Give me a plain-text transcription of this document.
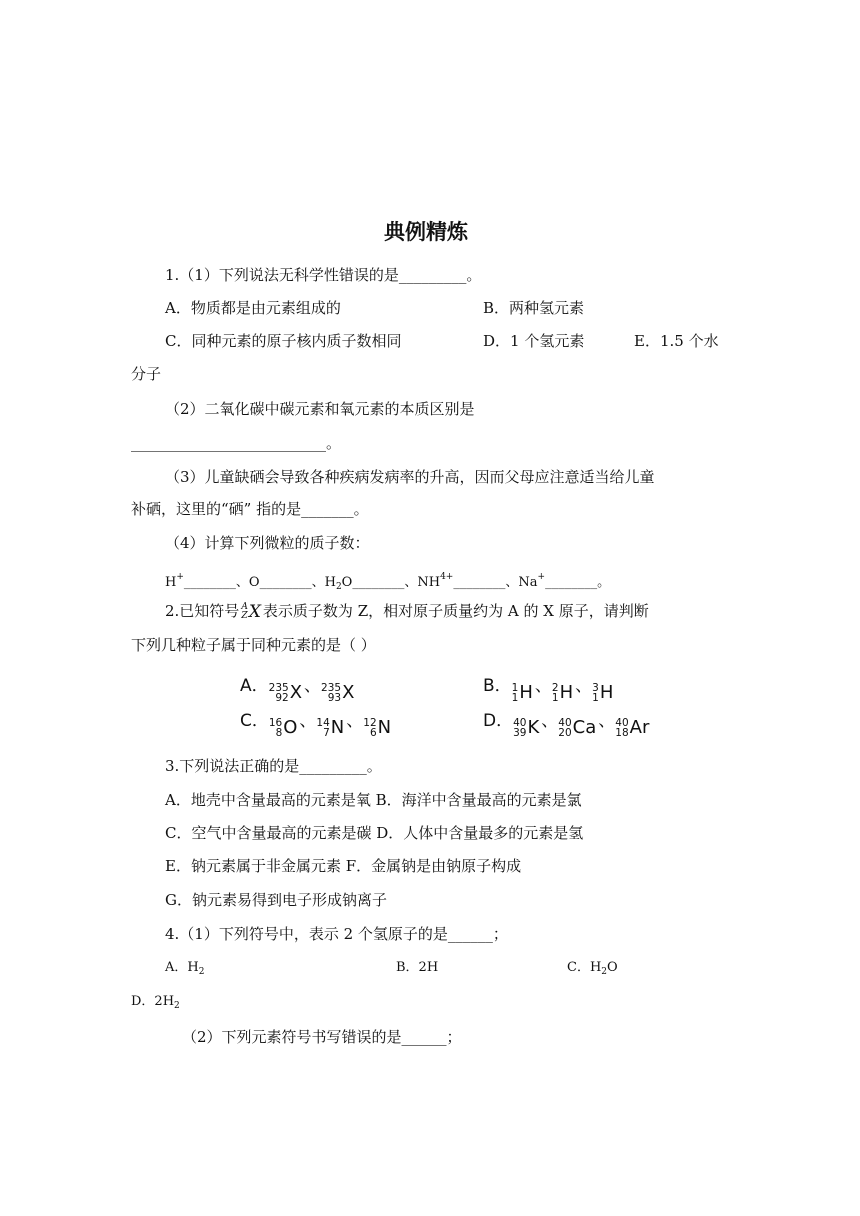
典例精炼
1.（1）下列说法无科学性错误的是_________。
A．物质都是由元素组成的	B．两种氢元素
C．同种元素的原子核内质子数相同	D．1 个氢元素	E．1.5 个水
分子
（2）二氧化碳中碳元素和氧元素的本质区别是
__________________________。
（3）儿童缺硒会导致各种疾病发病率的升高，因而父母应注意适当给儿童
补硒，这里的“硒” 指的是_______。
（4）计算下列微粒的质子数：
H+________、O________、$H_2O\_\_\_\_\_\_\_\_$、$NH^{4+}\_\_\_\_\_\_\_\_$、Na+________。
2.已知符号 A
Z X 表示质子数为 Z，相对原子质量约为 A 的 X 原子，请判断
下列几种粒子属于同种元素的是（ ）
A． 235
92 X 、 235
93 X	B． 1
1 H 、 2
1 H 、 3
1 H
C． 16
8 O 、 14
7 N 、 12
6 N	D． 40
39 K 、 40
20 Ca 、 40
18 Ar
3.下列说法正确的是_________。
A．地壳中含量最高的元素是氧 B．海洋中含量最高的元素是氯
C．空气中含量最高的元素是碳 D．人体中含量最多的元素是氢
E．钠元素属于非金属元素 F．金属钠是由钠原子构成
G．钠元素易得到电子形成钠离子
4.（1）下列符号中，表示 2 个氢原子的是______；
A．$H_2$	B．2H	C．$H_2O$
D．$2H_2$
（2）下列元素符号书写错误的是______；
